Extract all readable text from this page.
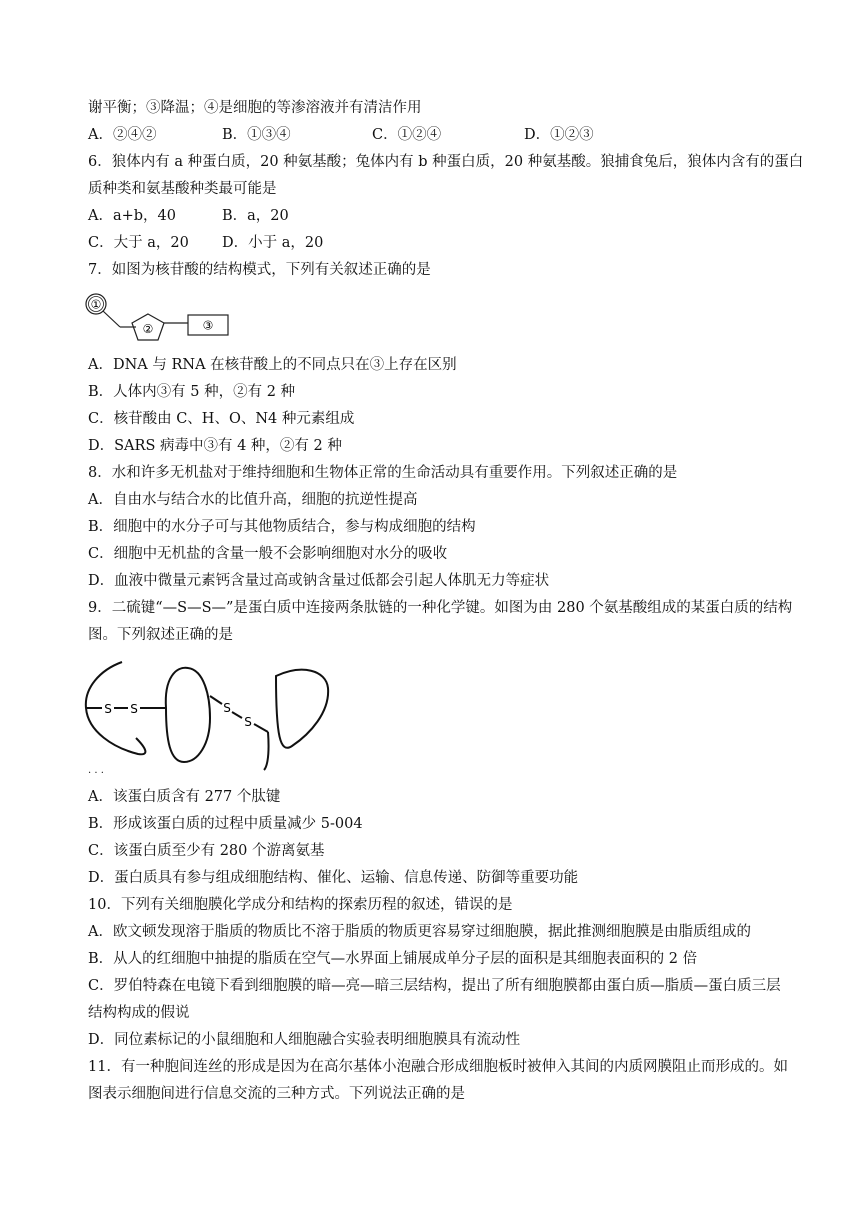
谢平衡；③降温；④是细胞的等渗溶液并有清洁作用
A．②④②	B．①③④	C．①②④	D．①②③
6．狼体内有 a 种蛋白质，20 种氨基酸；兔体内有 b 种蛋白质，20 种氨基酸。狼捕食兔后，狼体内含有的蛋白
质种类和氨基酸种类最可能是
A．a+b，40	B．a，20
C．大于 a，20 D．小于 a，20
7．如图为核苷酸的结构模式，下列有关叙述正确的是
①
②	③
A．DNA 与 RNA 在核苷酸上的不同点只在③上存在区别
B．人体内③有 5 种，②有 2 种
C．核苷酸由 C、H、O、N4 种元素组成
D．SARS 病毒中③有 4 种，②有 2 种
8．水和许多无机盐对于维持细胞和生物体正常的生命活动具有重要作用。下列叙述正确的是
A．自由水与结合水的比值升高，细胞的抗逆性提高
B．细胞中的水分子可与其他物质结合，参与构成细胞的结构
C．细胞中无机盐的含量一般不会影响细胞对水分的吸收
D．血液中微量元素钙含量过高或钠含量过低都会引起人体肌无力等症状
9．二硫键“—S—S—”是蛋白质中连接两条肽链的一种化学键。如图为由 280 个氨基酸组成的某蛋白质的结构
图。下列叙述正确的是
S S	S
S
. . .
A．该蛋白质含有 277 个肽键
B．形成该蛋白质的过程中质量减少 5-004
C．该蛋白质至少有 280 个游离氨基
D．蛋白质具有参与组成细胞结构、催化、运输、信息传递、防御等重要功能
10．下列有关细胞膜化学成分和结构的探索历程的叙述，错误的是
A．欧文顿发现溶于脂质的物质比不溶于脂质的物质更容易穿过细胞膜，据此推测细胞膜是由脂质组成的
B．从人的红细胞中抽提的脂质在空气—水界面上铺展成单分子层的面积是其细胞表面积的 2 倍
C．罗伯特森在电镜下看到细胞膜的暗—亮—暗三层结构，提出了所有细胞膜都由蛋白质—脂质—蛋白质三层
结构构成的假说
D．同位素标记的小鼠细胞和人细胞融合实验表明细胞膜具有流动性
11．有一种胞间连丝的形成是因为在高尔基体小泡融合形成细胞板时被伸入其间的内质网膜阻止而形成的。如
图表示细胞间进行信息交流的三种方式。下列说法正确的是
